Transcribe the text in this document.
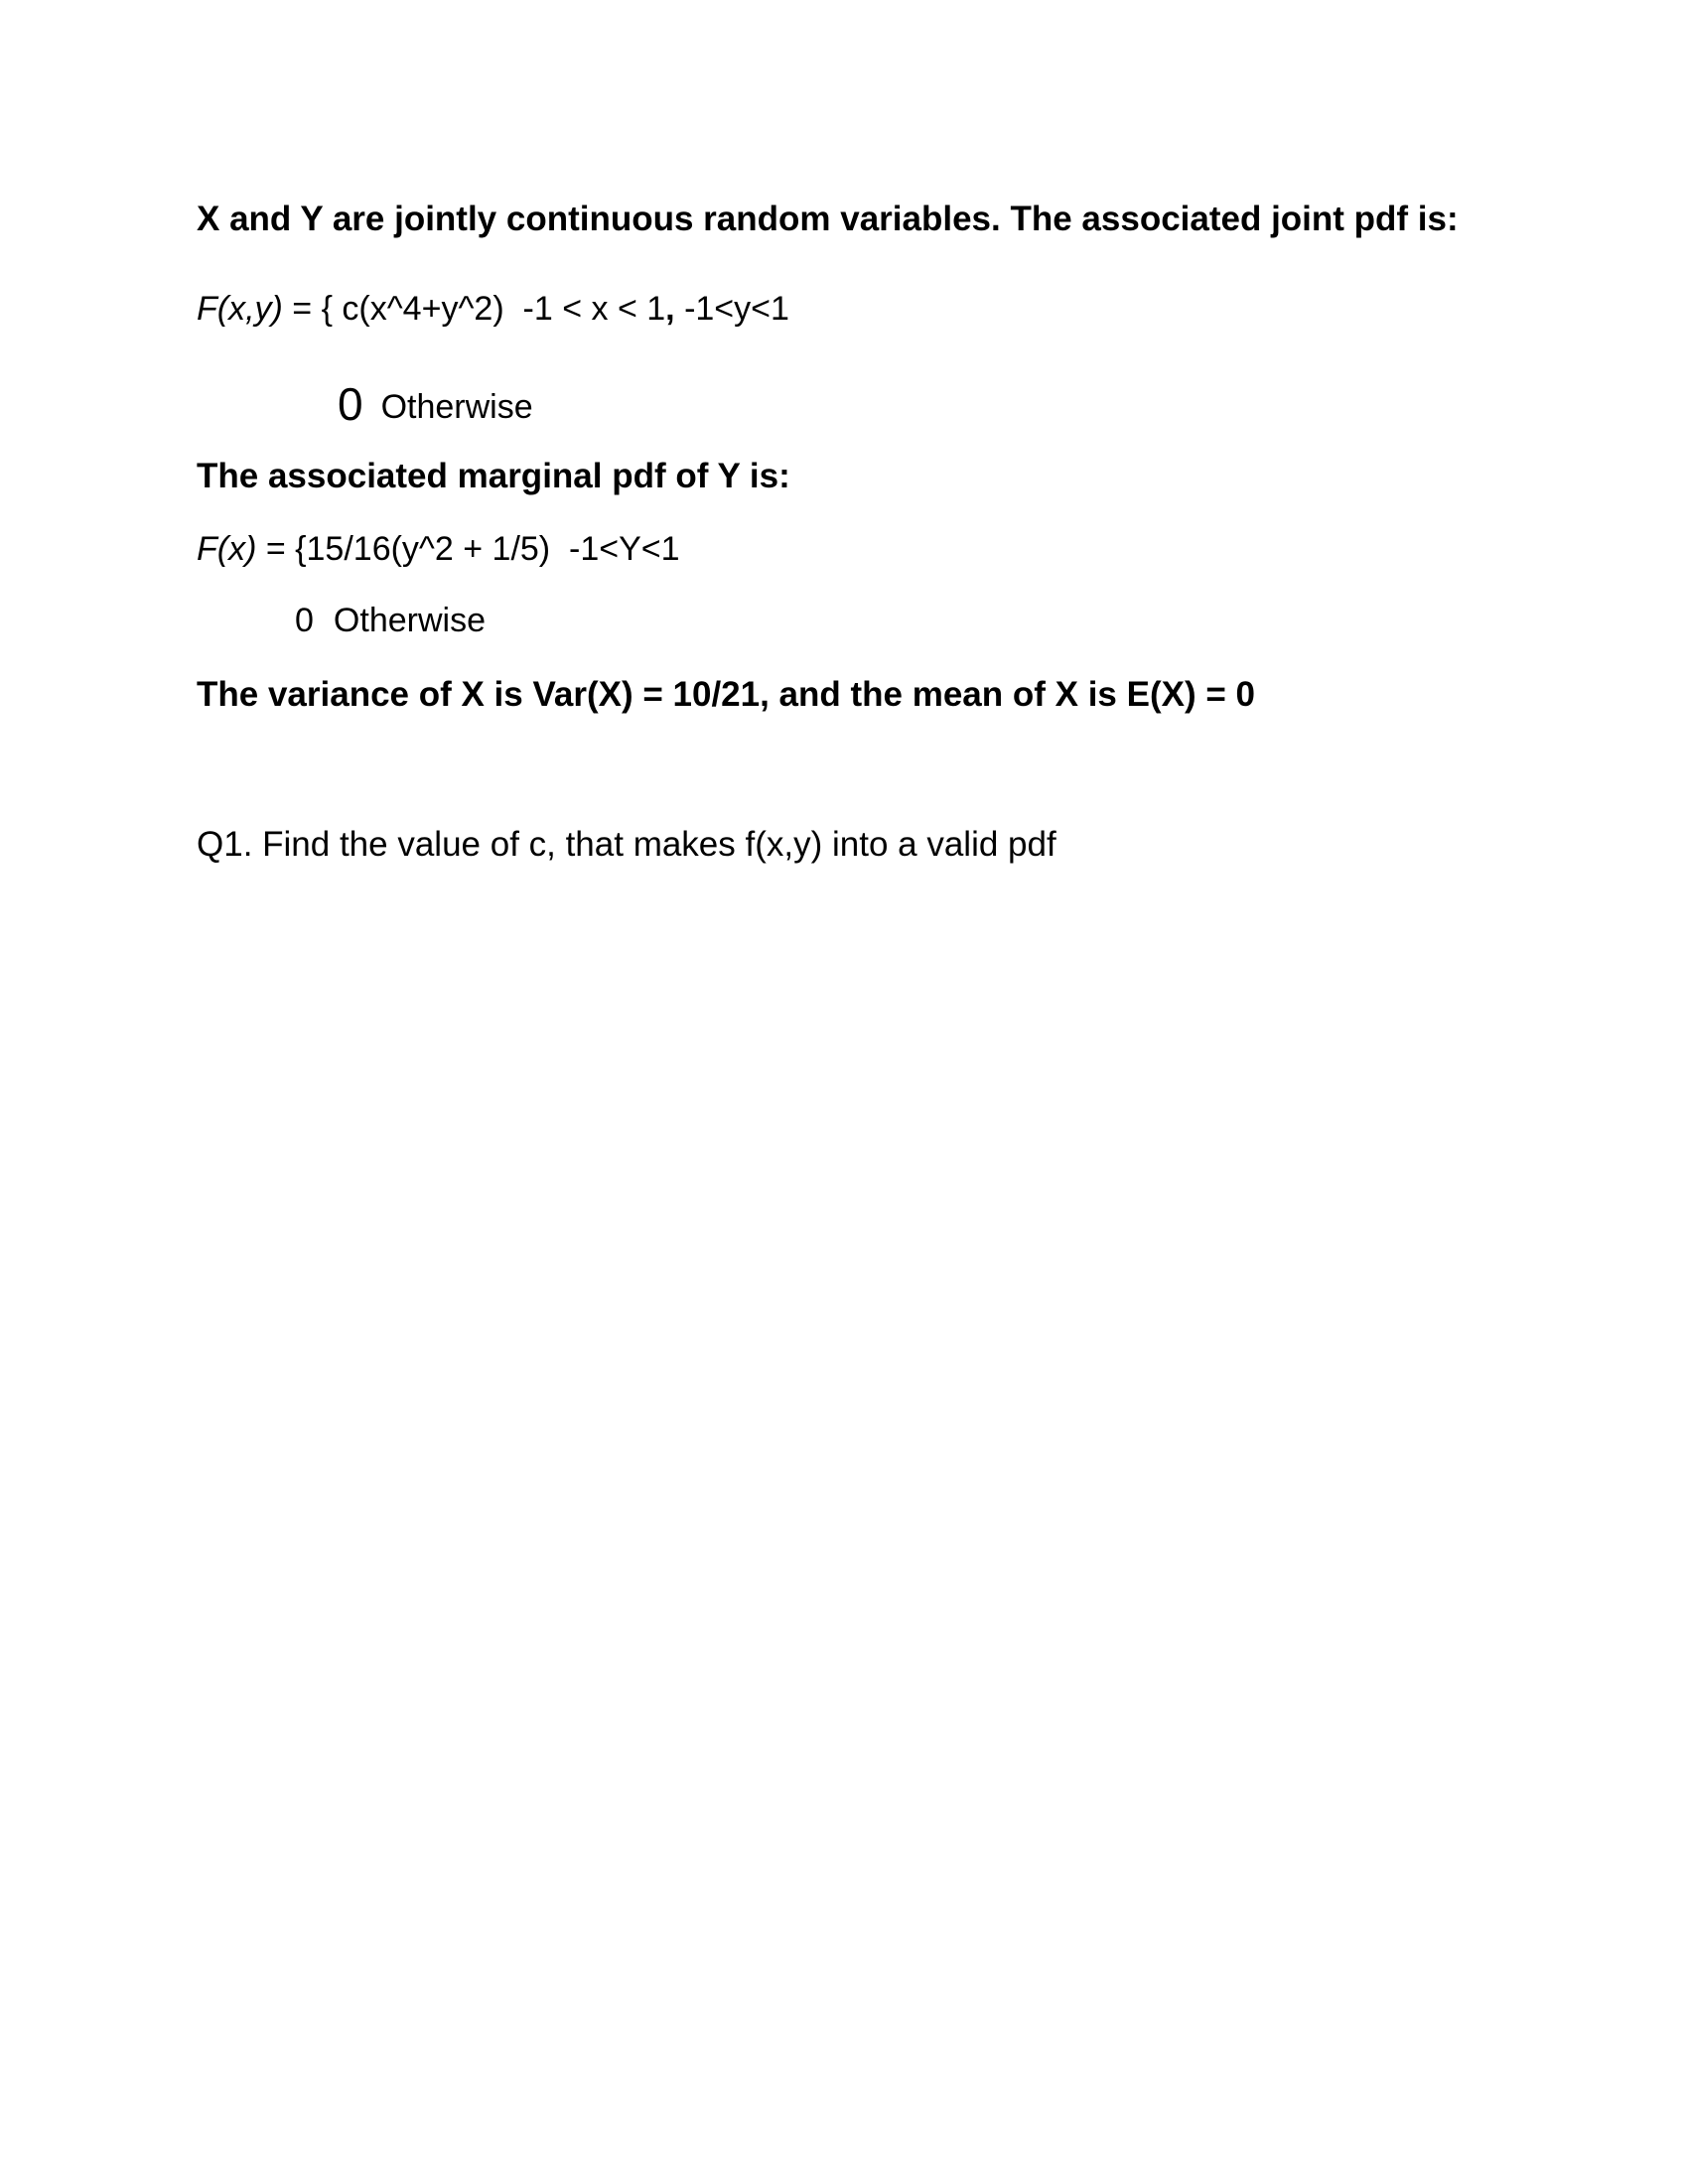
X and Y are jointly continuous random variables. The associated joint pdf is:
F(x,y) = { c(x^4+y^2)  -1 < x < 1, -1<y<1
0 Otherwise
The associated marginal pdf of Y is:
F(x) = {15/16(y^2 + 1/5)  -1<Y<1
0 Otherwise
The variance of X is Var(X) = 10/21, and the mean of X is E(X) = 0
Q1. Find the value of c, that makes f(x,y) into a valid pdf
